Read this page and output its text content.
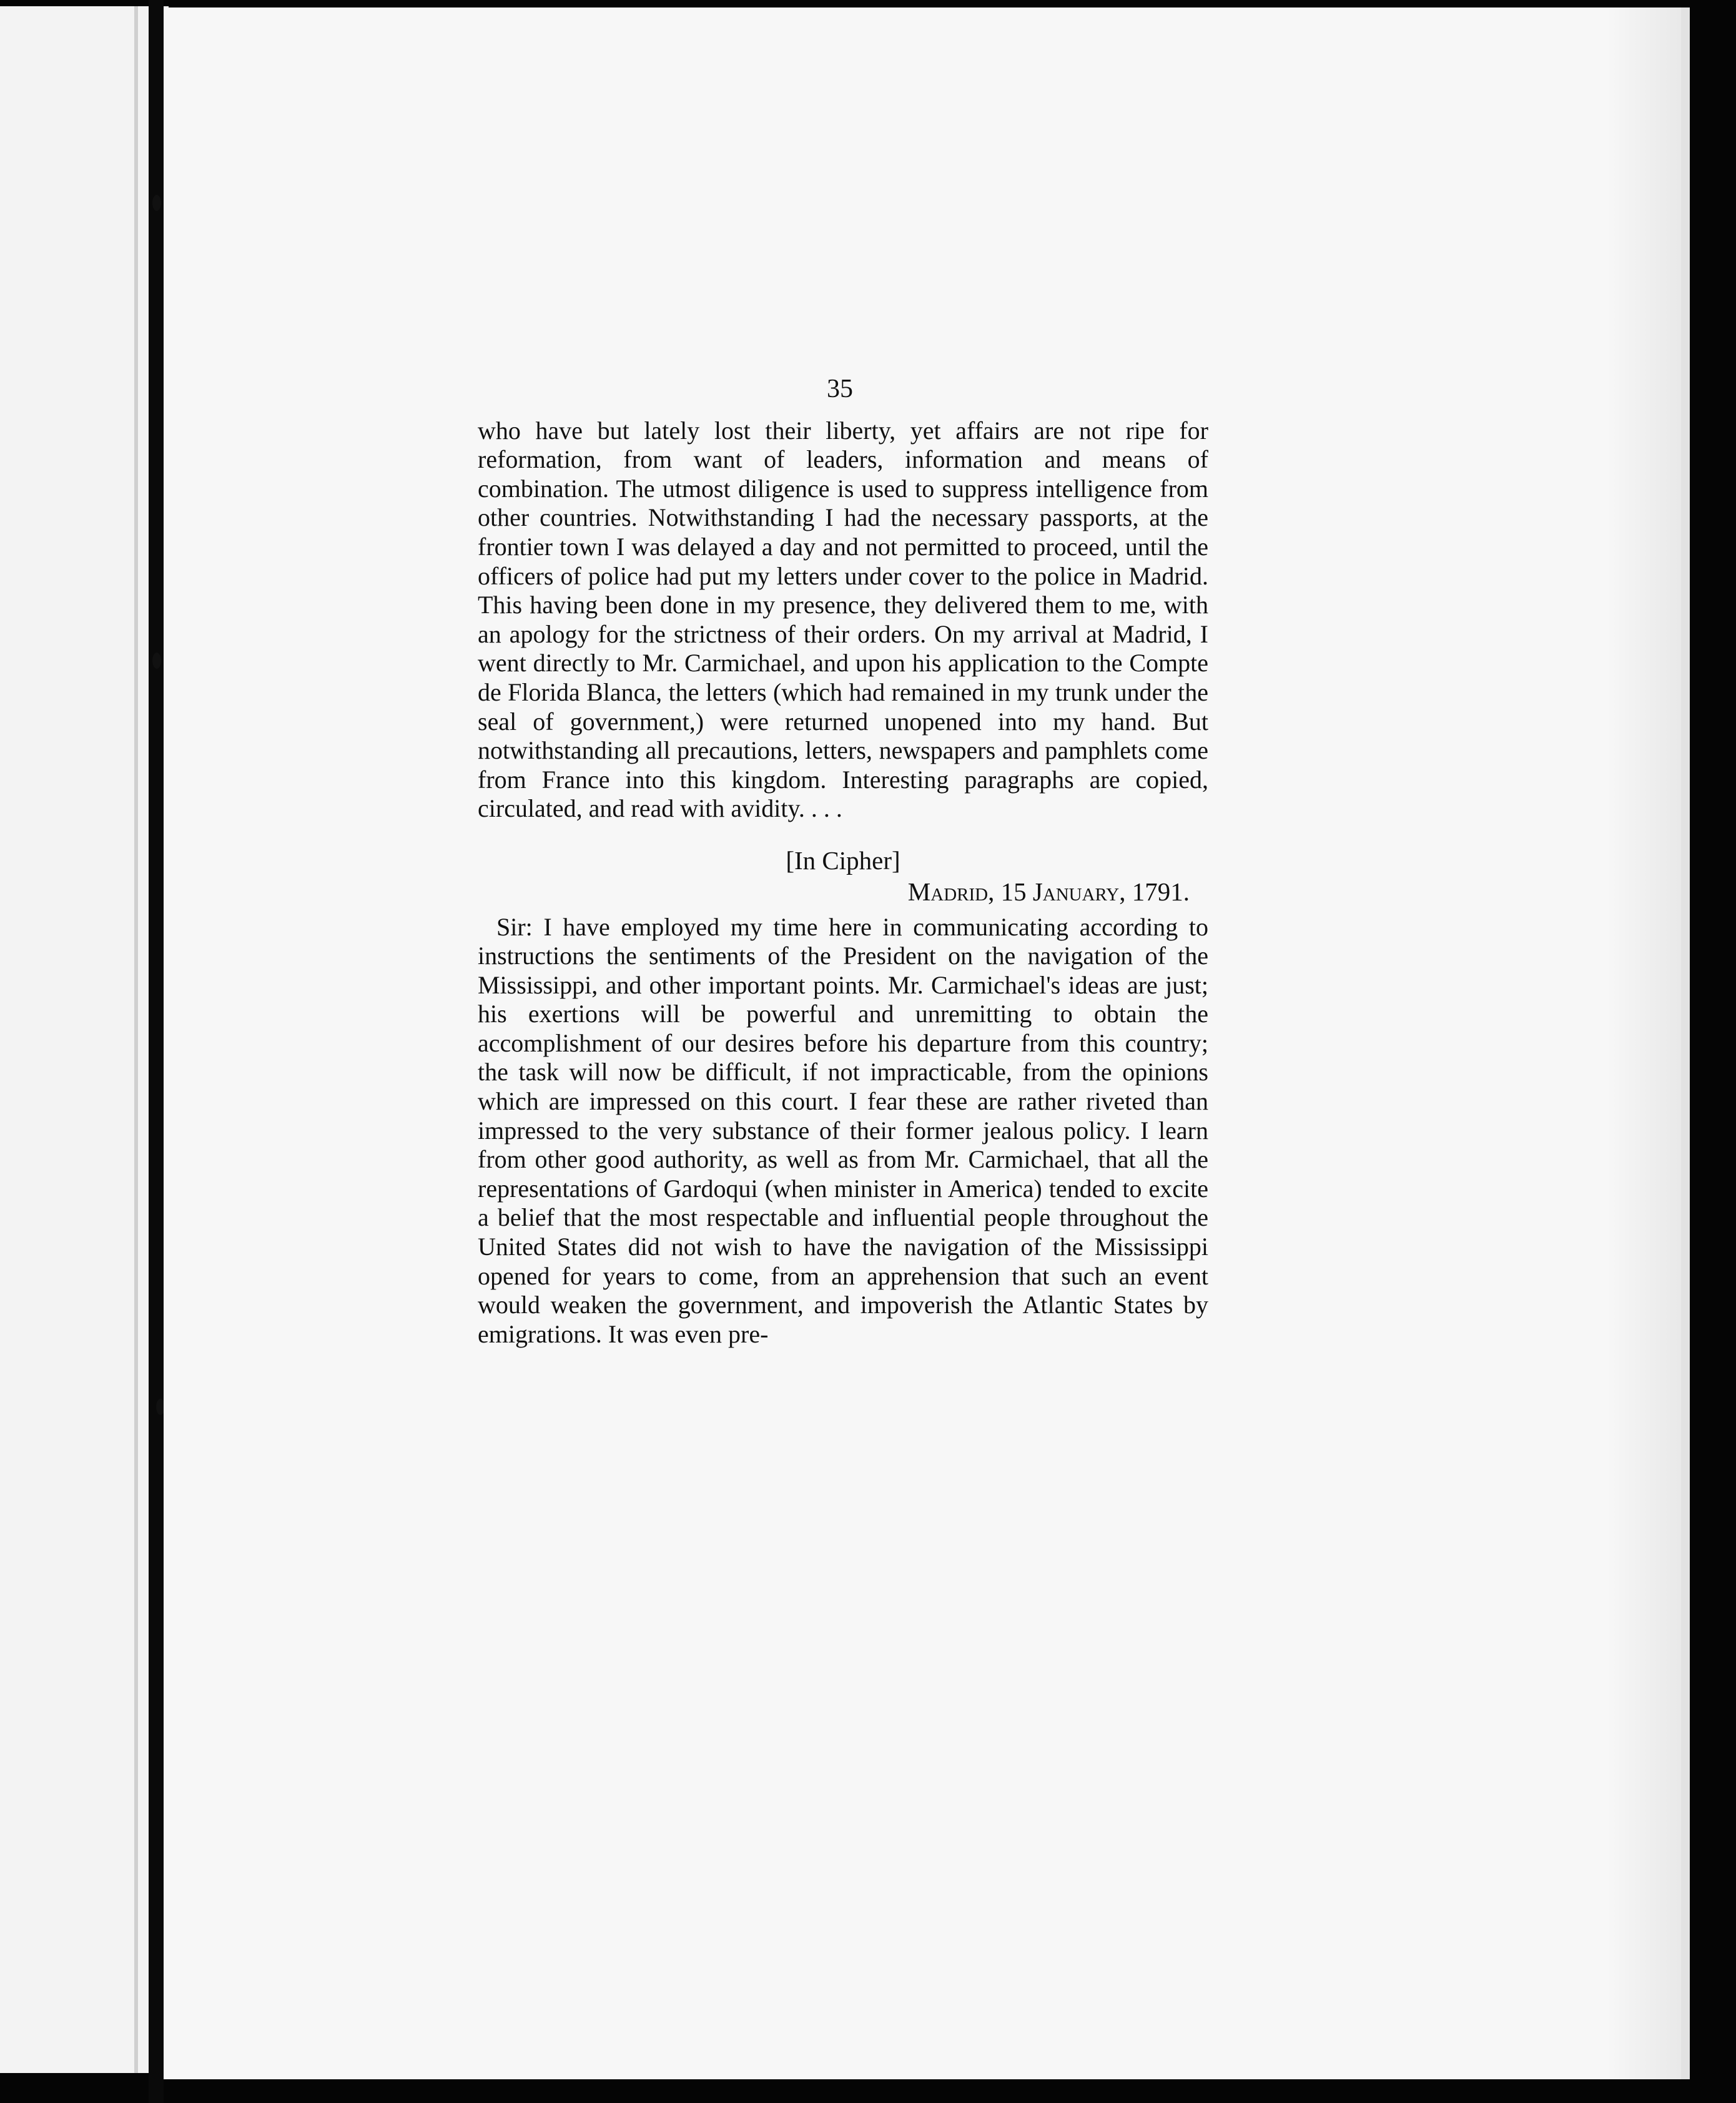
35

who have but lately lost their liberty, yet affairs are not ripe for reformation, from want of leaders, information and means of combination. The utmost diligence is used to suppress intelligence from other countries. Notwithstanding I had the necessary passports, at the frontier town I was delayed a day and not permitted to proceed, until the officers of police had put my letters under cover to the police in Madrid. This having been done in my presence, they delivered them to me, with an apology for the strictness of their orders. On my arrival at Madrid, I went directly to Mr. Carmichael, and upon his application to the Compte de Florida Blanca, the letters (which had remained in my trunk under the seal of government,) were returned unopened into my hand. But notwithstanding all precautions, letters, newspapers and pamphlets come from France into this kingdom. Interesting paragraphs are copied, circulated, and read with avidity. . . .

[In Cipher]
Madrid, 15 January, 1791.

Sir: I have employed my time here in communicating according to instructions the sentiments of the President on the navigation of the Mississippi, and other important points. Mr. Carmichael's ideas are just; his exertions will be powerful and unremitting to obtain the accomplishment of our desires before his departure from this country; the task will now be difficult, if not impracticable, from the opinions which are impressed on this court. I fear these are rather riveted than impressed to the very substance of their former jealous policy. I learn from other good authority, as well as from Mr. Carmichael, that all the representations of Gardoqui (when minister in America) tended to excite a belief that the most respectable and influential people throughout the United States did not wish to have the navigation of the Mississippi opened for years to come, from an apprehension that such an event would weaken the government, and impoverish the Atlantic States by emigrations. It was even pre-
